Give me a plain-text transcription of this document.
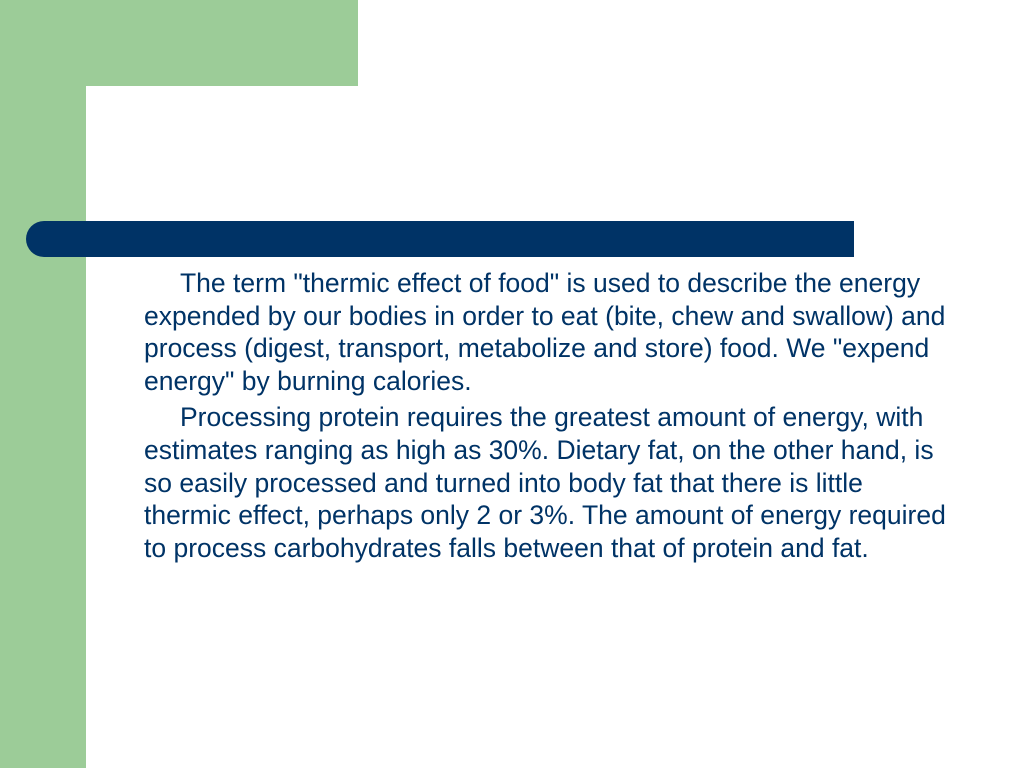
The term "thermic effect of food" is used to describe the energy expended by our bodies in order to eat (bite, chew and swallow) and process (digest, transport, metabolize and store) food. We "expend energy" by burning calories.

Processing protein requires the greatest amount of energy, with estimates ranging as high as 30%. Dietary fat, on the other hand, is so easily processed and turned into body fat that there is little thermic effect, perhaps only 2 or 3%. The amount of energy required to process carbohydrates falls between that of protein and fat.
